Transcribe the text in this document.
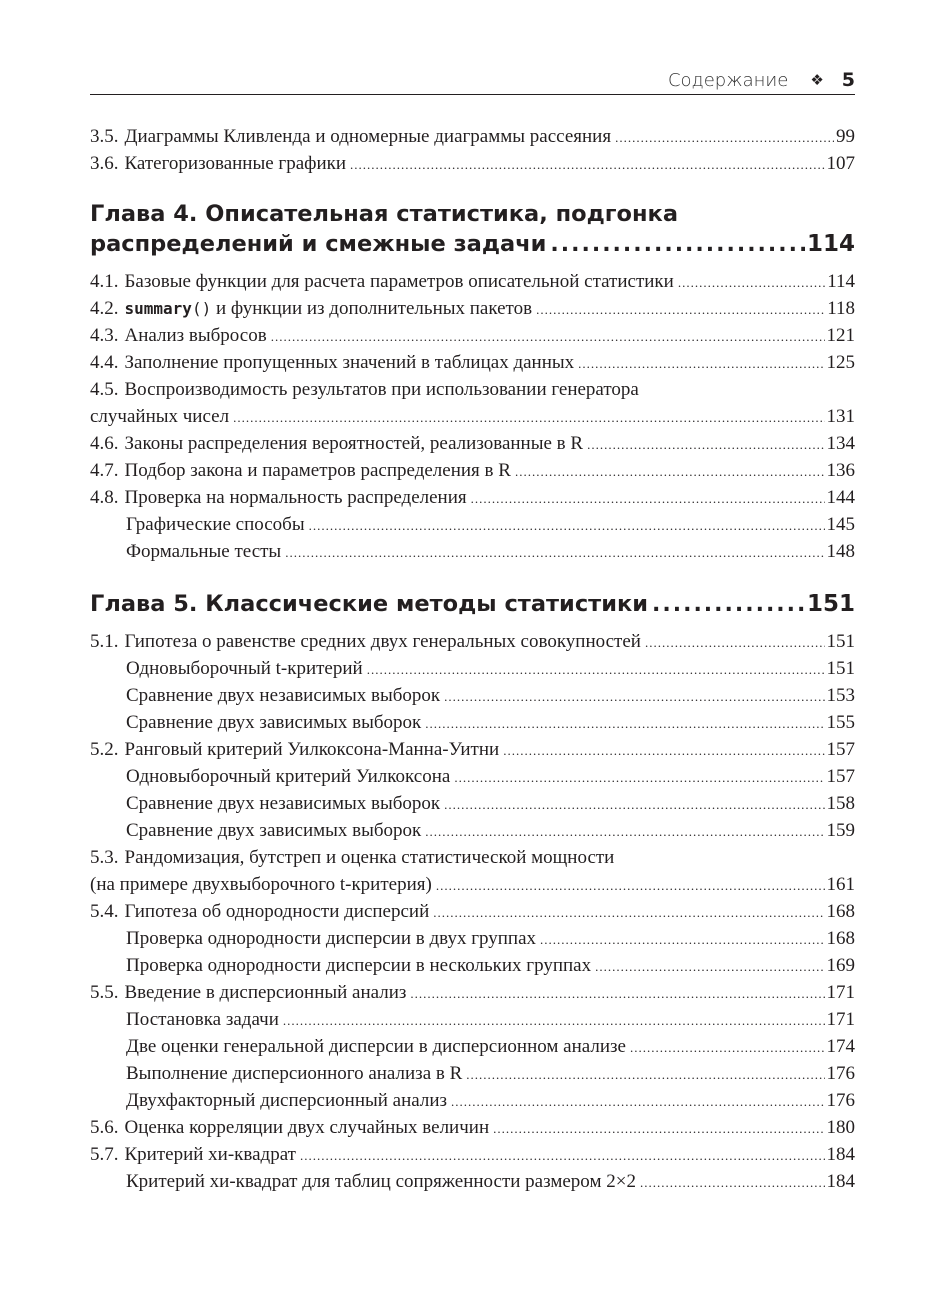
Содержание ❖ 5
3.5. Диаграммы Кливленда и одномерные диаграммы рассеяния .....	99
3.6. Категоризованные графики .....	107
Глава 4. Описательная статистика, подгонка
распределений и смежные задачи .....	114
4.1. Базовые функции для расчета параметров описательной статистики .....	114
4.2. summary ()
и функции из дополнительных пакетов .....	118
4.3. Анализ выбросов .....	121
4.4. Заполнение пропущенных значений в таблицах данных .....	125
4.5. Воспроизводимость результатов при использовании генератора
случайных чисел .....	131
4.6. Законы распределения вероятностей, реализованные в R .....	134
4.7. Подбор закона и параметров распределения в R .....	136
4.8. Проверка на нормальность распределения .....	144
Графические способы .....	145
Формальные тесты .....	148
Глава 5. Классические методы статистики .....	151
5.1. Гипотеза о равенстве средних двух генеральных совокупностей .....	151
Одновыборочный t-критерий .....	151
Сравнение двух независимых выборок .....	153
Сравнение двух зависимых выборок .....	155
5.2. Ранговый критерий Уилкоксона-Манна-Уитни .....	157
Одновыборочный критерий Уилкоксона .....	157
Сравнение двух независимых выборок .....	158
Сравнение двух зависимых выборок .....	159
5.3. Рандомизация, бутстреп и оценка статистической мощности
(на примере двухвыборочного t-критерия) .....	161
5.4. Гипотеза об однородности дисперсий .....	168
Проверка однородности дисперсии в двух группах .....	168
Проверка однородности дисперсии в нескольких группах .....	169
5.5. Введение в дисперсионный анализ .....	171
Постановка задачи .....	171
Две оценки генеральной дисперсии в дисперсионном анализе .....	174
Выполнение дисперсионного анализа в R .....	176
Двухфакторный дисперсионный анализ .....	176
5.6. Оценка корреляции двух случайных величин .....	180
5.7. Критерий хи-квадрат .....	184
Критерий хи-квадрат для таблиц сопряженности размером 2×2 .....	184
